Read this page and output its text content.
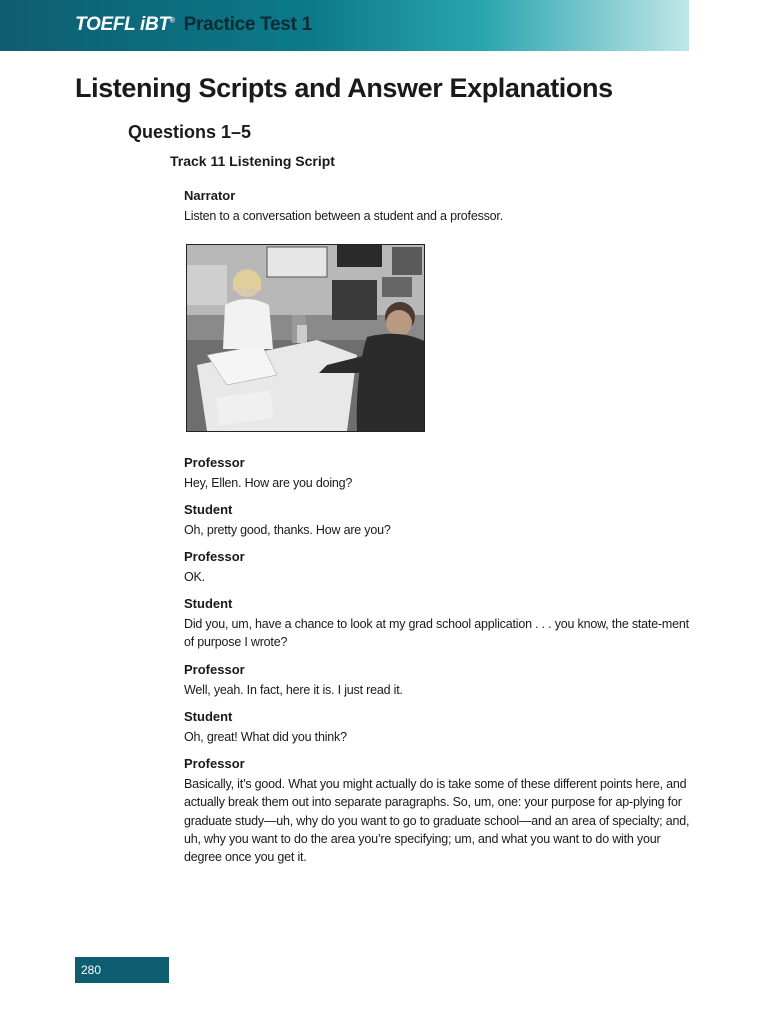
TOEFL iBT® Practice Test 1
Listening Scripts and Answer Explanations
Questions 1–5
Track 11 Listening Script
Narrator
Listen to a conversation between a student and a professor.
Professor
Hey, Ellen. How are you doing?
Student
Oh, pretty good, thanks. How are you?
Professor
OK.
Student
Did you, um, have a chance to look at my grad school application . . . you know, the state-ment of purpose I wrote?
Professor
Well, yeah. In fact, here it is. I just read it.
Student
Oh, great! What did you think?
Professor
Basically, it’s good. What you might actually do is take some of these different points here, and actually break them out into separate paragraphs. So, um, one: your purpose for ap-plying for graduate study—uh, why do you want to go to graduate school—and an area of specialty; and, uh, why you want to do the area you’re specifying; um, and what you want to do with your degree once you get it.
280
